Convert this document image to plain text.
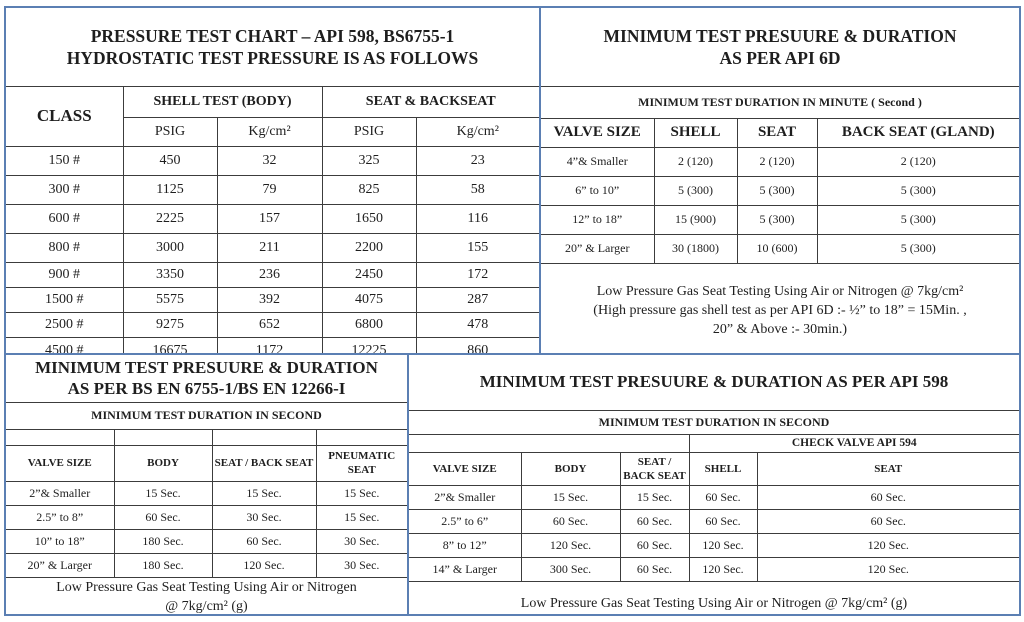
PRESSURE TEST CHART – API 598, BS6755-1
HYDROSTATIC TEST PRESSURE IS AS FOLLOWS				

CLASS	SHELL TEST (BODY)		SEAT & BACKSEAT	
	PSIG	Kg/cm²	PSIG	Kg/cm²
150 #	450	32	325	23
300 #	1125	79	825	58
600 #	2225	157	1650	116
800 #	3000	211	2200	155
900 #	3350	236	2450	172
1500 #	5575	392	4075	287
2500 #	9275	652	6800	478
4500 #	16675	1172	12225	860
MINIMUM TEST PRESUURE & DURATION
AS PER API 6D			

MINIMUM TEST DURATION IN MINUTE ( Second )			
VALVE SIZE	SHELL	SEAT	BACK SEAT (GLAND)
4”& Smaller	2 (120)	2 (120)	2 (120)
6” to 10”	5 (300)	5 (300)	5 (300)
12” to 18”	15 (900)	5 (300)	5 (300)
20” & Larger	30 (1800)	10 (600)	5 (300)

Low Pressure Gas Seat Testing Using Air or Nitrogen @ 7kg/cm²
(High pressure gas shell test as per API 6D :- ½” to 18” = 15Min. ,
20” & Above :- 30min.)			
MINIMUM TEST PRESUURE & DURATION
AS PER BS EN 6755-1/BS EN 12266-I			

MINIMUM TEST DURATION IN SECOND			

VALVE SIZE	BODY	SEAT / BACK SEAT	PNEUMATIC SEAT
2”& Smaller	15 Sec.	15 Sec.	15 Sec.
2.5” to 8”	60 Sec.	30 Sec.	15 Sec.
10” to 18”	180 Sec.	60 Sec.	30 Sec.
20” & Larger	180 Sec.	120 Sec.	30 Sec.

Low Pressure Gas Seat Testing Using Air or Nitrogen
@ 7kg/cm² (g)			
MINIMUM TEST PRESUURE & DURATION AS PER API 598				
MINIMUM TEST DURATION IN SECOND				
			CHECK VALVE API 594	
VALVE SIZE	BODY	SEAT / BACK SEAT	SHELL	SEAT
2”& Smaller	15 Sec.	15 Sec.	60 Sec.	60 Sec.
2.5” to 6”	60 Sec.	60 Sec.	60 Sec.	60 Sec.
8” to 12”	120 Sec.	60 Sec.	120 Sec.	120 Sec.
14” & Larger	300 Sec.	60 Sec.	120 Sec.	120 Sec.
Low Pressure Gas Seat Testing Using Air or Nitrogen @ 7kg/cm² (g)				
